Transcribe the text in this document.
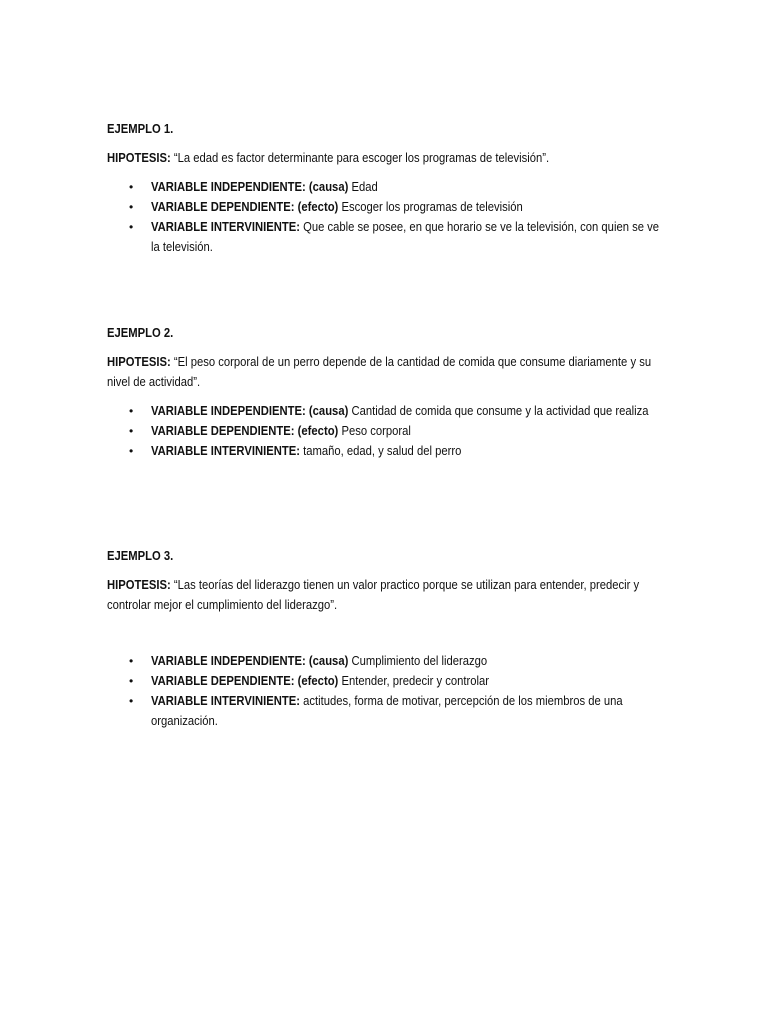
EJEMPLO 1.

HIPOTESIS: “La edad es factor determinante para escoger los programas de televisión”.

• VARIABLE INDEPENDIENTE: (causa) Edad
• VARIABLE DEPENDIENTE: (efecto) Escoger los programas de televisión
• VARIABLE INTERVINIENTE: Que cable se posee, en que horario se ve la televisión, con quien se ve la televisión.

EJEMPLO 2.

HIPOTESIS: “El peso corporal de un perro depende de la cantidad de comida que consume diariamente y su nivel de actividad”.

• VARIABLE INDEPENDIENTE: (causa) Cantidad de comida que consume y la actividad que realiza
• VARIABLE DEPENDIENTE: (efecto) Peso corporal
• VARIABLE INTERVINIENTE: tamaño, edad, y salud del perro

EJEMPLO 3.

HIPOTESIS: “Las teorías del liderazgo tienen un valor practico porque se utilizan para entender, predecir y controlar mejor el cumplimiento del liderazgo”.

• VARIABLE INDEPENDIENTE: (causa) Cumplimiento del liderazgo
• VARIABLE DEPENDIENTE: (efecto) Entender, predecir y controlar
• VARIABLE INTERVINIENTE: actitudes, forma de motivar, percepción de los miembros de una organización.
